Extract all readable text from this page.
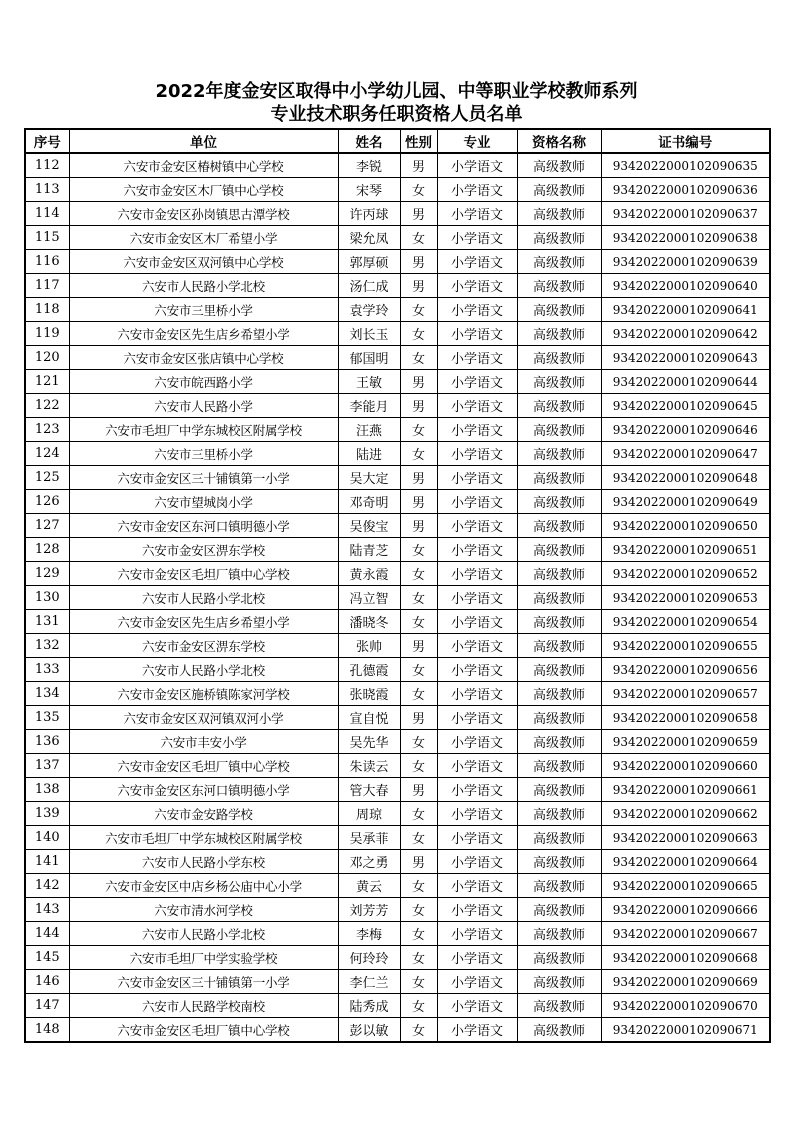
2022年度金安区取得中小学幼儿园、中等职业学校教师系列
专业技术职务任职资格人员名单
序号	单位	姓名	性别	专业	资格名称	证书编号
112	六安市金安区椿树镇中心学校	李锐	男	小学语文	高级教师	9342022000102090635
113	六安市金安区木厂镇中心学校	宋琴	女	小学语文	高级教师	9342022000102090636
114	六安市金安区孙岗镇思古潭学校	许丙球	男	小学语文	高级教师	9342022000102090637
115	六安市金安区木厂希望小学	梁允凤	女	小学语文	高级教师	9342022000102090638
116	六安市金安区双河镇中心学校	郭厚硕	男	小学语文	高级教师	9342022000102090639
117	六安市人民路小学北校	汤仁成	男	小学语文	高级教师	9342022000102090640
118	六安市三里桥小学	袁学玲	女	小学语文	高级教师	9342022000102090641
119	六安市金安区先生店乡希望小学	刘长玉	女	小学语文	高级教师	9342022000102090642
120	六安市金安区张店镇中心学校	郁国明	女	小学语文	高级教师	9342022000102090643
121	六安市皖西路小学	王敏	男	小学语文	高级教师	9342022000102090644
122	六安市人民路小学	李能月	男	小学语文	高级教师	9342022000102090645
123	六安市毛坦厂中学东城校区附属学校	汪燕	女	小学语文	高级教师	9342022000102090646
124	六安市三里桥小学	陆进	女	小学语文	高级教师	9342022000102090647
125	六安市金安区三十铺镇第一小学	吴大定	男	小学语文	高级教师	9342022000102090648
126	六安市望城岗小学	邓奇明	男	小学语文	高级教师	9342022000102090649
127	六安市金安区东河口镇明德小学	吴俊宝	男	小学语文	高级教师	9342022000102090650
128	六安市金安区淠东学校	陆青芝	女	小学语文	高级教师	9342022000102090651
129	六安市金安区毛坦厂镇中心学校	黄永霞	女	小学语文	高级教师	9342022000102090652
130	六安市人民路小学北校	冯立智	女	小学语文	高级教师	9342022000102090653
131	六安市金安区先生店乡希望小学	潘晓冬	女	小学语文	高级教师	9342022000102090654
132	六安市金安区淠东学校	张帅	男	小学语文	高级教师	9342022000102090655
133	六安市人民路小学北校	孔德霞	女	小学语文	高级教师	9342022000102090656
134	六安市金安区施桥镇陈家河学校	张晓霞	女	小学语文	高级教师	9342022000102090657
135	六安市金安区双河镇双河小学	宣自悦	男	小学语文	高级教师	9342022000102090658
136	六安市丰安小学	吴先华	女	小学语文	高级教师	9342022000102090659
137	六安市金安区毛坦厂镇中心学校	朱读云	女	小学语文	高级教师	9342022000102090660
138	六安市金安区东河口镇明德小学	管大春	男	小学语文	高级教师	9342022000102090661
139	六安市金安路学校	周琼	女	小学语文	高级教师	9342022000102090662
140	六安市毛坦厂中学东城校区附属学校	吴承菲	女	小学语文	高级教师	9342022000102090663
141	六安市人民路小学东校	邓之勇	男	小学语文	高级教师	9342022000102090664
142	六安市金安区中店乡杨公庙中心小学	黄云	女	小学语文	高级教师	9342022000102090665
143	六安市清水河学校	刘芳芳	女	小学语文	高级教师	9342022000102090666
144	六安市人民路小学北校	李梅	女	小学语文	高级教师	9342022000102090667
145	六安市毛坦厂中学实验学校	何玲玲	女	小学语文	高级教师	9342022000102090668
146	六安市金安区三十铺镇第一小学	李仁兰	女	小学语文	高级教师	9342022000102090669
147	六安市人民路学校南校	陆秀成	女	小学语文	高级教师	9342022000102090670
148	六安市金安区毛坦厂镇中心学校	彭以敏	女	小学语文	高级教师	9342022000102090671
